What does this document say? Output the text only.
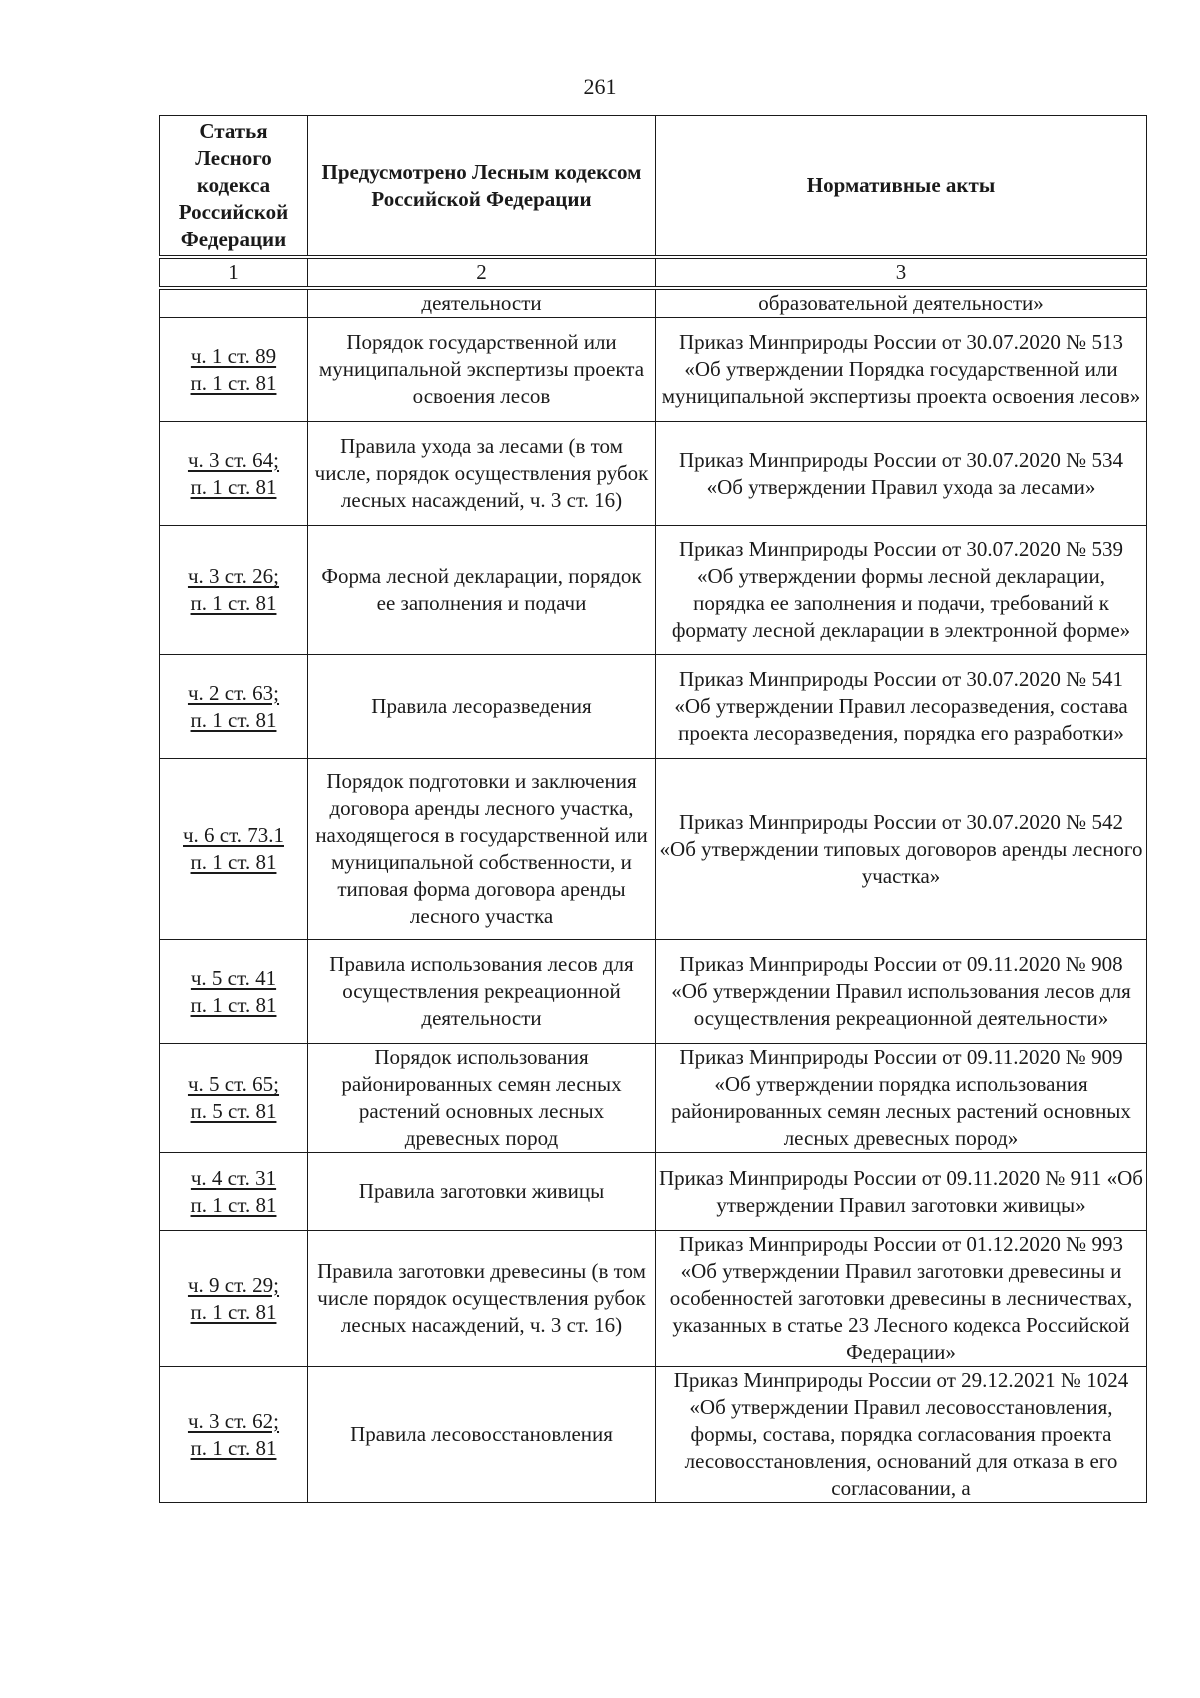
261
Статья Лесного кодекса Российской Федерации	Предусмотрено Лесным кодексом Российской Федерации	Нормативные акты
1	2	3
	деятельности	образовательной деятельности»

ч. 1 ст. 89
п. 1 ст. 81	Порядок государственной или муниципальной экспертизы проекта освоения лесов	Приказ Минприроды России от 30.07.2020 № 513 «Об утверждении Порядка государственной или муниципальной экспертизы проекта освоения лесов»

ч. 3 ст. 64;
п. 1 ст. 81	Правила ухода за лесами (в том числе, порядок осуществления рубок лесных насаждений, ч. 3 ст. 16)	Приказ Минприроды России от 30.07.2020 № 534 «Об утверждении Правил ухода за лесами»

ч. 3 ст. 26;
п. 1 ст. 81	Форма лесной декларации, порядок ее заполнения и подачи	Приказ Минприроды России от 30.07.2020 № 539 «Об утверждении формы лесной декларации, порядка ее заполнения и подачи, требований к формату лесной декларации в электронной форме»

ч. 2 ст. 63;
п. 1 ст. 81	Правила лесоразведения	Приказ Минприроды России от 30.07.2020 № 541 «Об утверждении Правил лесоразведения, состава проекта лесоразведения, порядка его разработки»

ч. 6 ст. 73.1
п. 1 ст. 81	Порядок подготовки и заключения договора аренды лесного участка, находящегося в государственной или муниципальной собственности, и типовая форма договора аренды лесного участка	Приказ Минприроды России от 30.07.2020 № 542 «Об утверждении типовых договоров аренды лесного участка»

ч. 5 ст. 41
п. 1 ст. 81	Правила использования лесов для осуществления рекреационной деятельности	Приказ Минприроды России от 09.11.2020 № 908 «Об утверждении Правил использования лесов для осуществления рекреационной деятельности»

ч. 5 ст. 65;
п. 5 ст. 81	Порядок использования районированных семян лесных растений основных лесных древесных пород	Приказ Минприроды России от 09.11.2020 № 909 «Об утверждении порядка использования районированных семян лесных растений основных лесных древесных пород»

ч. 4 ст. 31
п. 1 ст. 81	Правила заготовки живицы	Приказ Минприроды России от 09.11.2020 № 911 «Об утверждении Правил заготовки живицы»

ч. 9 ст. 29;
п. 1 ст. 81	Правила заготовки древесины (в том числе порядок осуществления рубок лесных насаждений, ч. 3 ст. 16)	Приказ Минприроды России от 01.12.2020 № 993 «Об утверждении Правил заготовки древесины и особенностей заготовки древесины в лесничествах, указанных в статье 23 Лесного кодекса Российской Федерации»

ч. 3 ст. 62;
п. 1 ст. 81	Правила лесовосстановления	Приказ Минприроды России от 29.12.2021 № 1024 «Об утверждении Правил лесовосстановления, формы, состава, порядка согласования проекта лесовосстановления, оснований для отказа в его согласовании, а
